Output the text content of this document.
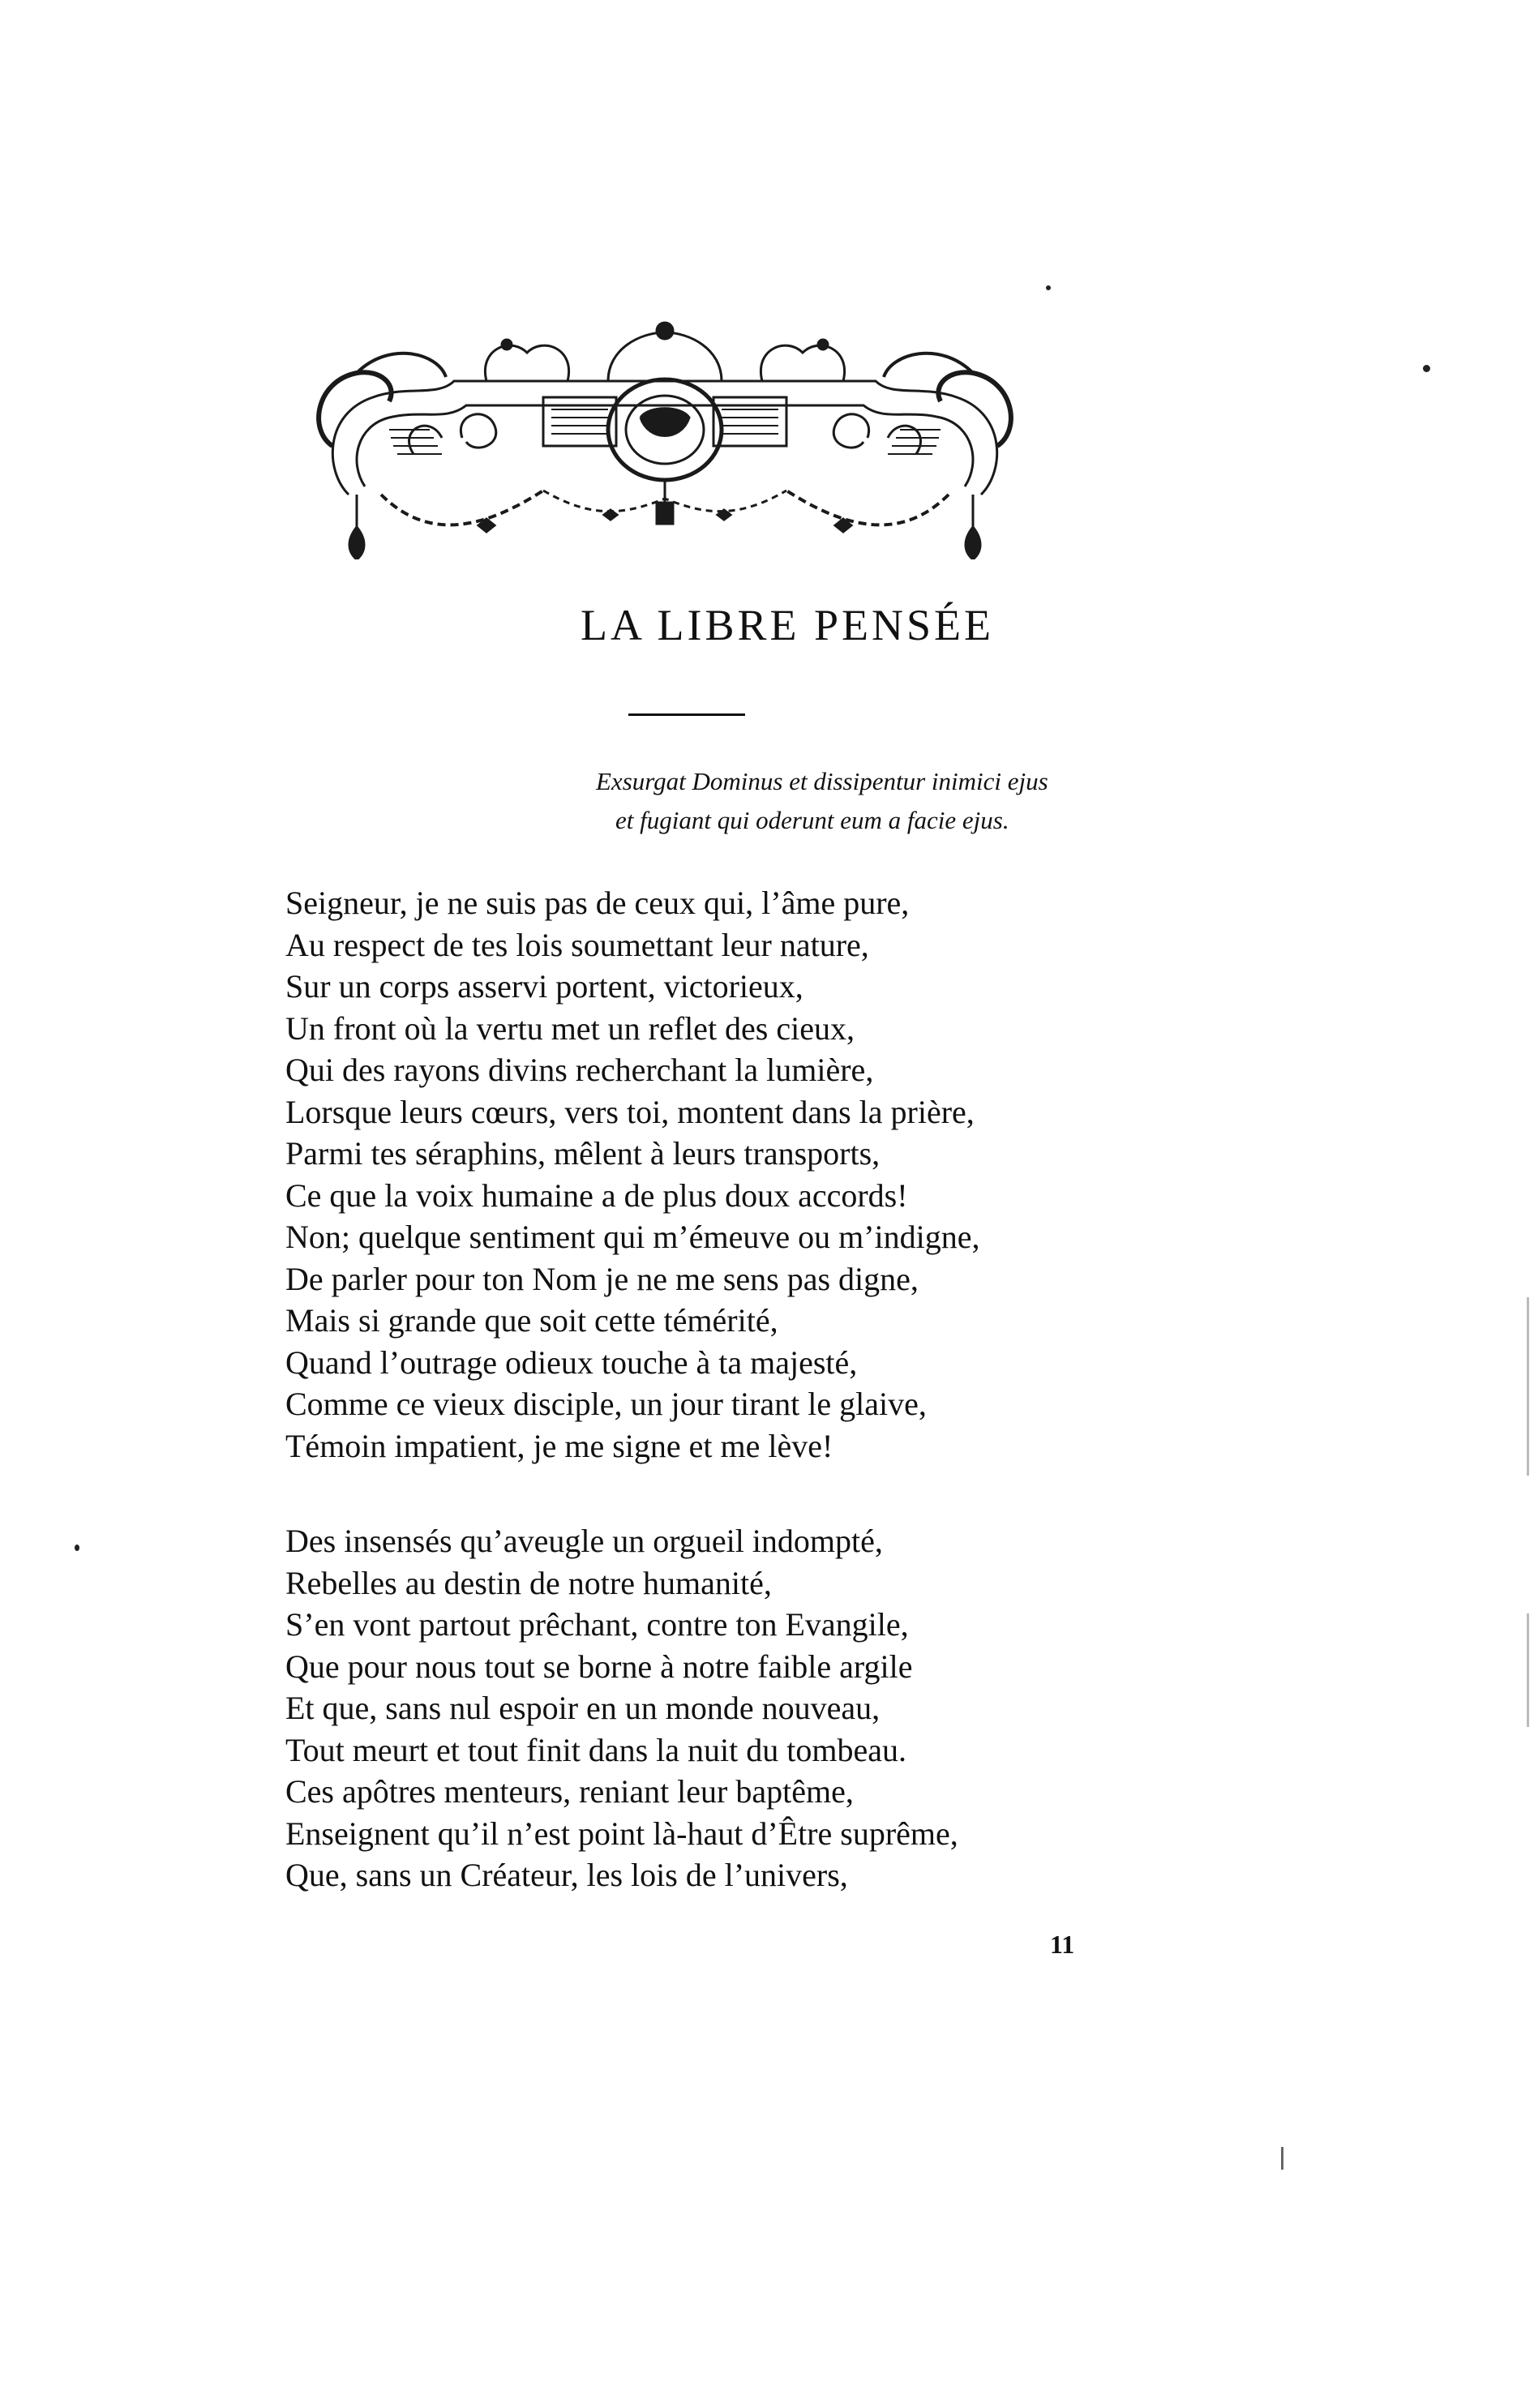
LA LIBRE PENSÉE
Exsurgat Dominus et dissipentur inimici ejus
et fugiant qui oderunt eum a facie ejus.
Seigneur, je ne suis pas de ceux qui, l’âme pure,
Au respect de tes lois soumettant leur nature,
Sur un corps asservi portent, victorieux,
Un front où la vertu met un reflet des cieux,
Qui des rayons divins recherchant la lumière,
Lorsque leurs cœurs, vers toi, montent dans la prière,
Parmi tes séraphins, mêlent à leurs transports,
Ce que la voix humaine a de plus doux accords!
Non; quelque sentiment qui m’émeuve ou m’indigne,
De parler pour ton Nom je ne me sens pas digne,
Mais si grande que soit cette témérité,
Quand l’outrage odieux touche à ta majesté,
Comme ce vieux disciple, un jour tirant le glaive,
Témoin impatient, je me signe et me lève!
Des insensés qu’aveugle un orgueil indompté,
Rebelles au destin de notre humanité,
S’en vont partout prêchant, contre ton Evangile,
Que pour nous tout se borne à notre faible argile
Et que, sans nul espoir en un monde nouveau,
Tout meurt et tout finit dans la nuit du tombeau.
Ces apôtres menteurs, reniant leur baptême,
Enseignent qu’il n’est point là-haut d’Être suprême,
Que, sans un Créateur, les lois de l’univers,
11
